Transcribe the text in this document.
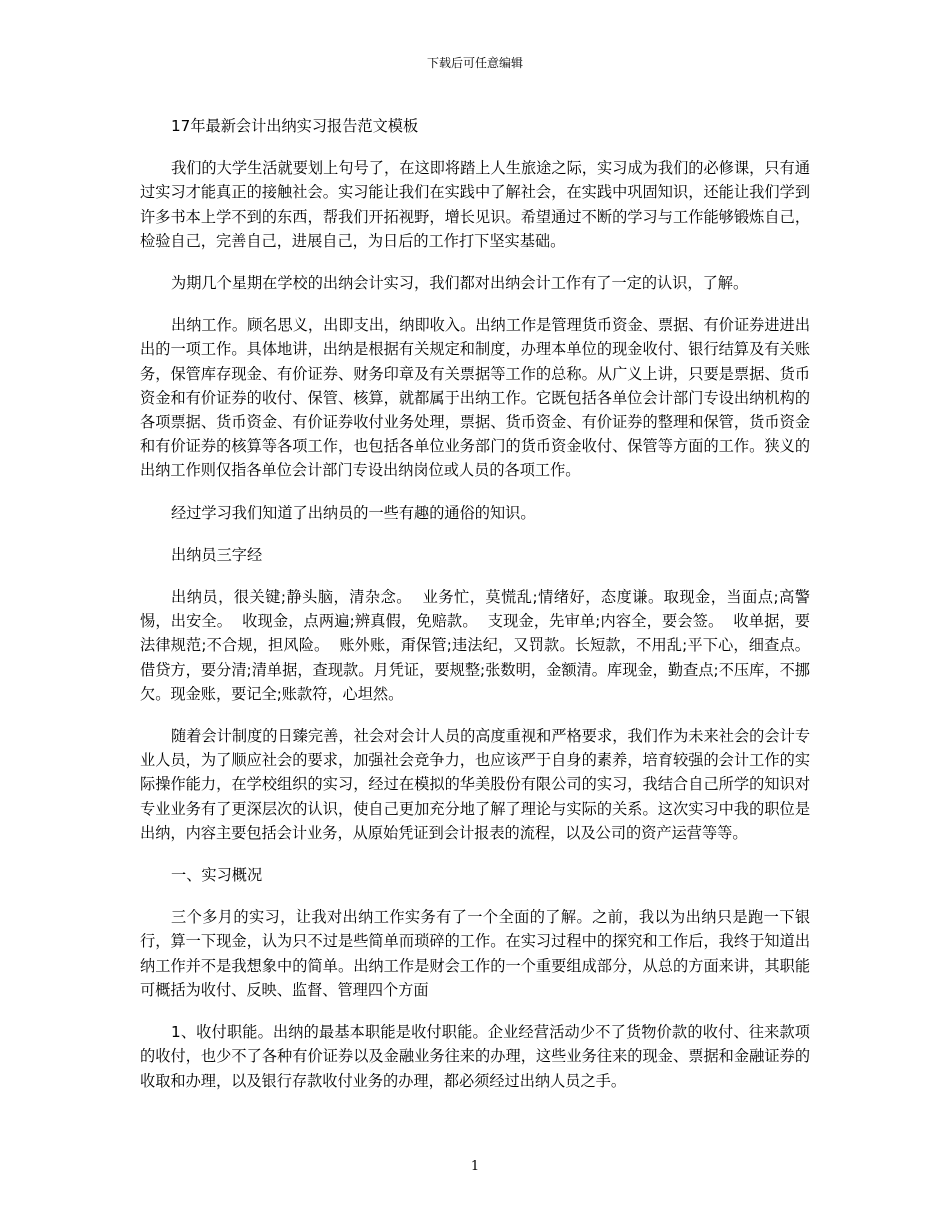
下载后可任意编辑

17年最新会计出纳实习报告范文模板

我们的大学生活就要划上句号了，在这即将踏上人生旅途之际，实习成为我们的必修课，只有通过实习才能真正的接触社会。实习能让我们在实践中了解社会，在实践中巩固知识，还能让我们学到许多书本上学不到的东西，帮我们开拓视野，增长见识。希望通过不断的学习与工作能够锻炼自己，检验自己，完善自己，进展自己，为日后的工作打下坚实基础。

为期几个星期在学校的出纳会计实习，我们都对出纳会计工作有了一定的认识，了解。

出纳工作。顾名思义，出即支出，纳即收入。出纳工作是管理货币资金、票据、有价证券进进出出的一项工作。具体地讲，出纳是根据有关规定和制度，办理本单位的现金收付、银行结算及有关账务，保管库存现金、有价证券、财务印章及有关票据等工作的总称。从广义上讲，只要是票据、货币资金和有价证券的收付、保管、核算，就都属于出纳工作。它既包括各单位会计部门专设出纳机构的各项票据、货币资金、有价证券收付业务处理，票据、货币资金、有价证券的整理和保管，货币资金和有价证券的核算等各项工作，也包括各单位业务部门的货币资金收付、保管等方面的工作。狭义的出纳工作则仅指各单位会计部门专设出纳岗位或人员的各项工作。

经过学习我们知道了出纳员的一些有趣的通俗的知识。

出纳员三字经

出纳员，很关键;静头脑，清杂念。  业务忙，莫慌乱;情绪好，态度谦。取现金，当面点;高警惕，出安全。  收现金，点两遍;辨真假，免赔款。  支现金，先审单;内容全，要会签。  收单据，要法律规范;不合规，担风险。  账外账，甭保管;违法纪，又罚款。长短款，不用乱;平下心，细查点。借贷方，要分清;清单据，查现款。月凭证，要规整;张数明，金额清。库现金，勤查点;不压库，不挪欠。现金账，要记全;账款符，心坦然。

随着会计制度的日臻完善，社会对会计人员的高度重视和严格要求，我们作为未来社会的会计专业人员，为了顺应社会的要求，加强社会竞争力，也应该严于自身的素养，培育较强的会计工作的实际操作能力，在学校组织的实习，经过在模拟的华美股份有限公司的实习，我结合自己所学的知识对专业业务有了更深层次的认识，使自己更加充分地了解了理论与实际的关系。这次实习中我的职位是出纳，内容主要包括会计业务，从原始凭证到会计报表的流程，以及公司的资产运营等等。

一、实习概况

三个多月的实习，让我对出纳工作实务有了一个全面的了解。之前，我以为出纳只是跑一下银行，算一下现金，认为只不过是些简单而琐碎的工作。在实习过程中的探究和工作后，我终于知道出纳工作并不是我想象中的简单。出纳工作是财会工作的一个重要组成部分，从总的方面来讲，其职能可概括为收付、反映、监督、管理四个方面

1、收付职能。出纳的最基本职能是收付职能。企业经营活动少不了货物价款的收付、往来款项的收付，也少不了各种有价证券以及金融业务往来的办理，这些业务往来的现金、票据和金融证券的收取和办理，以及银行存款收付业务的办理，都必须经过出纳人员之手。

1
